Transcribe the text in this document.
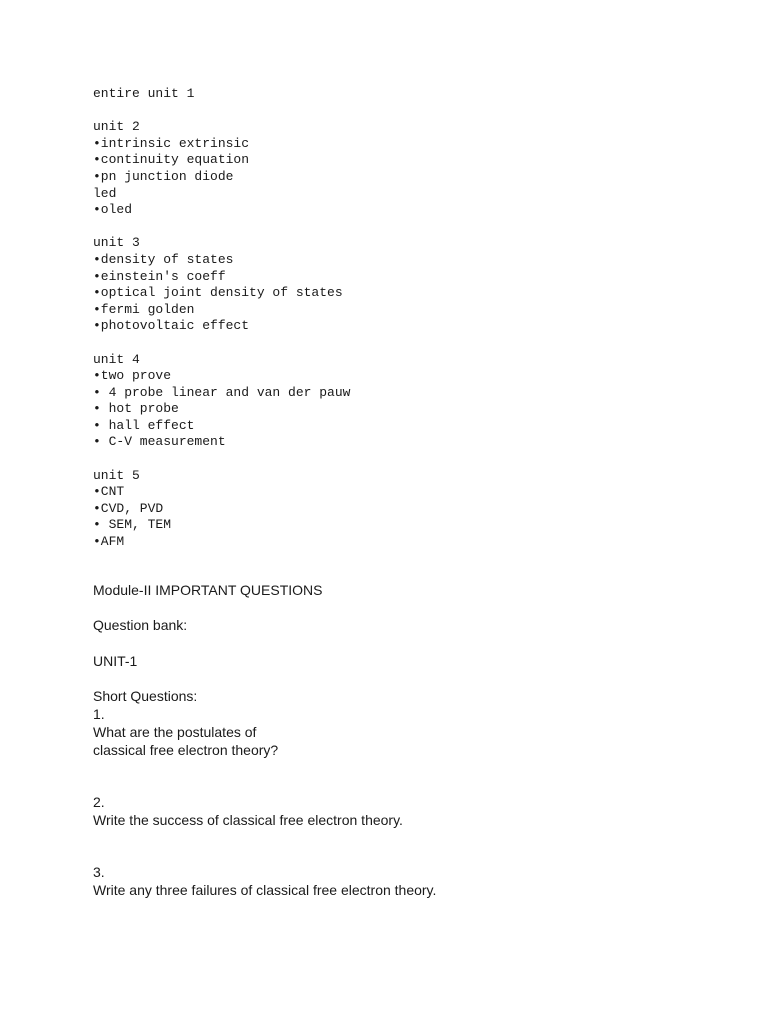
entire unit 1
unit 2
•intrinsic extrinsic
•continuity equation
•pn junction diode
led
•oled
unit 3
•density of states
•einstein's coeff
•optical joint density of states
•fermi golden
•photovoltaic effect
unit 4
•two prove
• 4 probe linear and van der pauw
• hot probe
• hall effect
• C-V measurement
unit 5
•CNT
•CVD, PVD
• SEM, TEM
•AFM
Module-II IMPORTANT QUESTIONS
Question bank:
UNIT-1
Short Questions:
1.
What are the postulates of
classical free electron theory?
2.
Write the success of classical free electron theory.
3.
Write any three failures of classical free electron theory.
